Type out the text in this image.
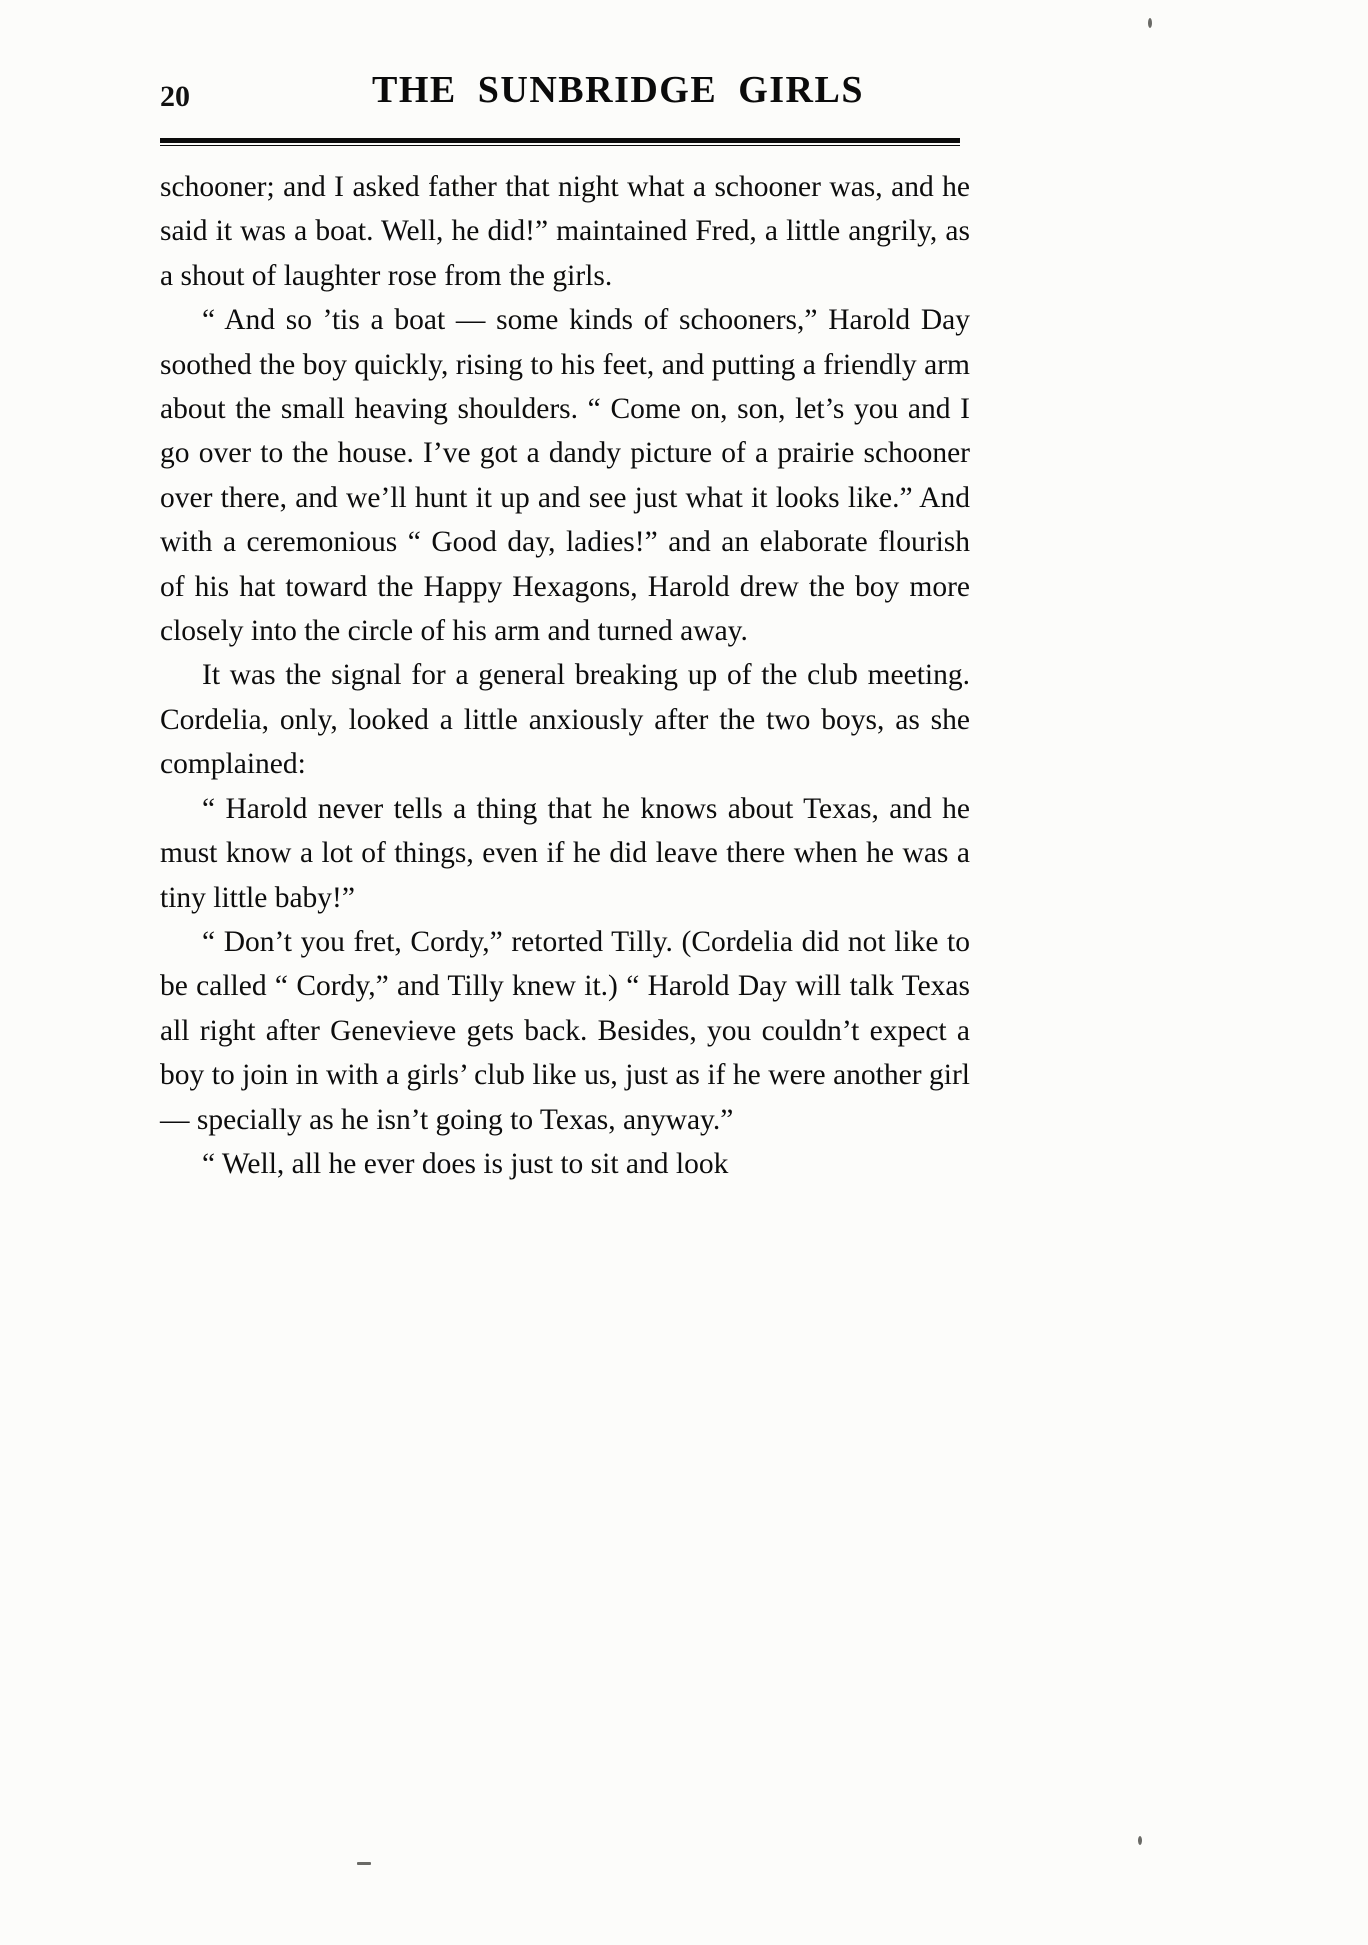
20	THE SUNBRIDGE GIRLS

schooner; and I asked father that night what a schooner was, and he said it was a boat. Well, he did!” maintained Fred, a little angrily, as a shout of laughter rose from the girls.

“ And so ’tis a boat — some kinds of schooners,” Harold Day soothed the boy quickly, rising to his feet, and putting a friendly arm about the small heaving shoulders. “ Come on, son, let’s you and I go over to the house. I’ve got a dandy picture of a prairie schooner over there, and we’ll hunt it up and see just what it looks like.” And with a ceremonious “ Good day, ladies!” and an elaborate flourish of his hat toward the Happy Hexagons, Harold drew the boy more closely into the circle of his arm and turned away.

It was the signal for a general breaking up of the club meeting. Cordelia, only, looked a little anxiously after the two boys, as she complained:

“ Harold never tells a thing that he knows about Texas, and he must know a lot of things, even if he did leave there when he was a tiny little baby!”

“ Don’t you fret, Cordy,” retorted Tilly. (Cordelia did not like to be called “ Cordy,” and Tilly knew it.) “ Harold Day will talk Texas all right after Genevieve gets back. Besides, you couldn’t expect a boy to join in with a girls’ club like us, just as if he were another girl — specially as he isn’t going to Texas, anyway.”

“ Well, all he ever does is just to sit and look
